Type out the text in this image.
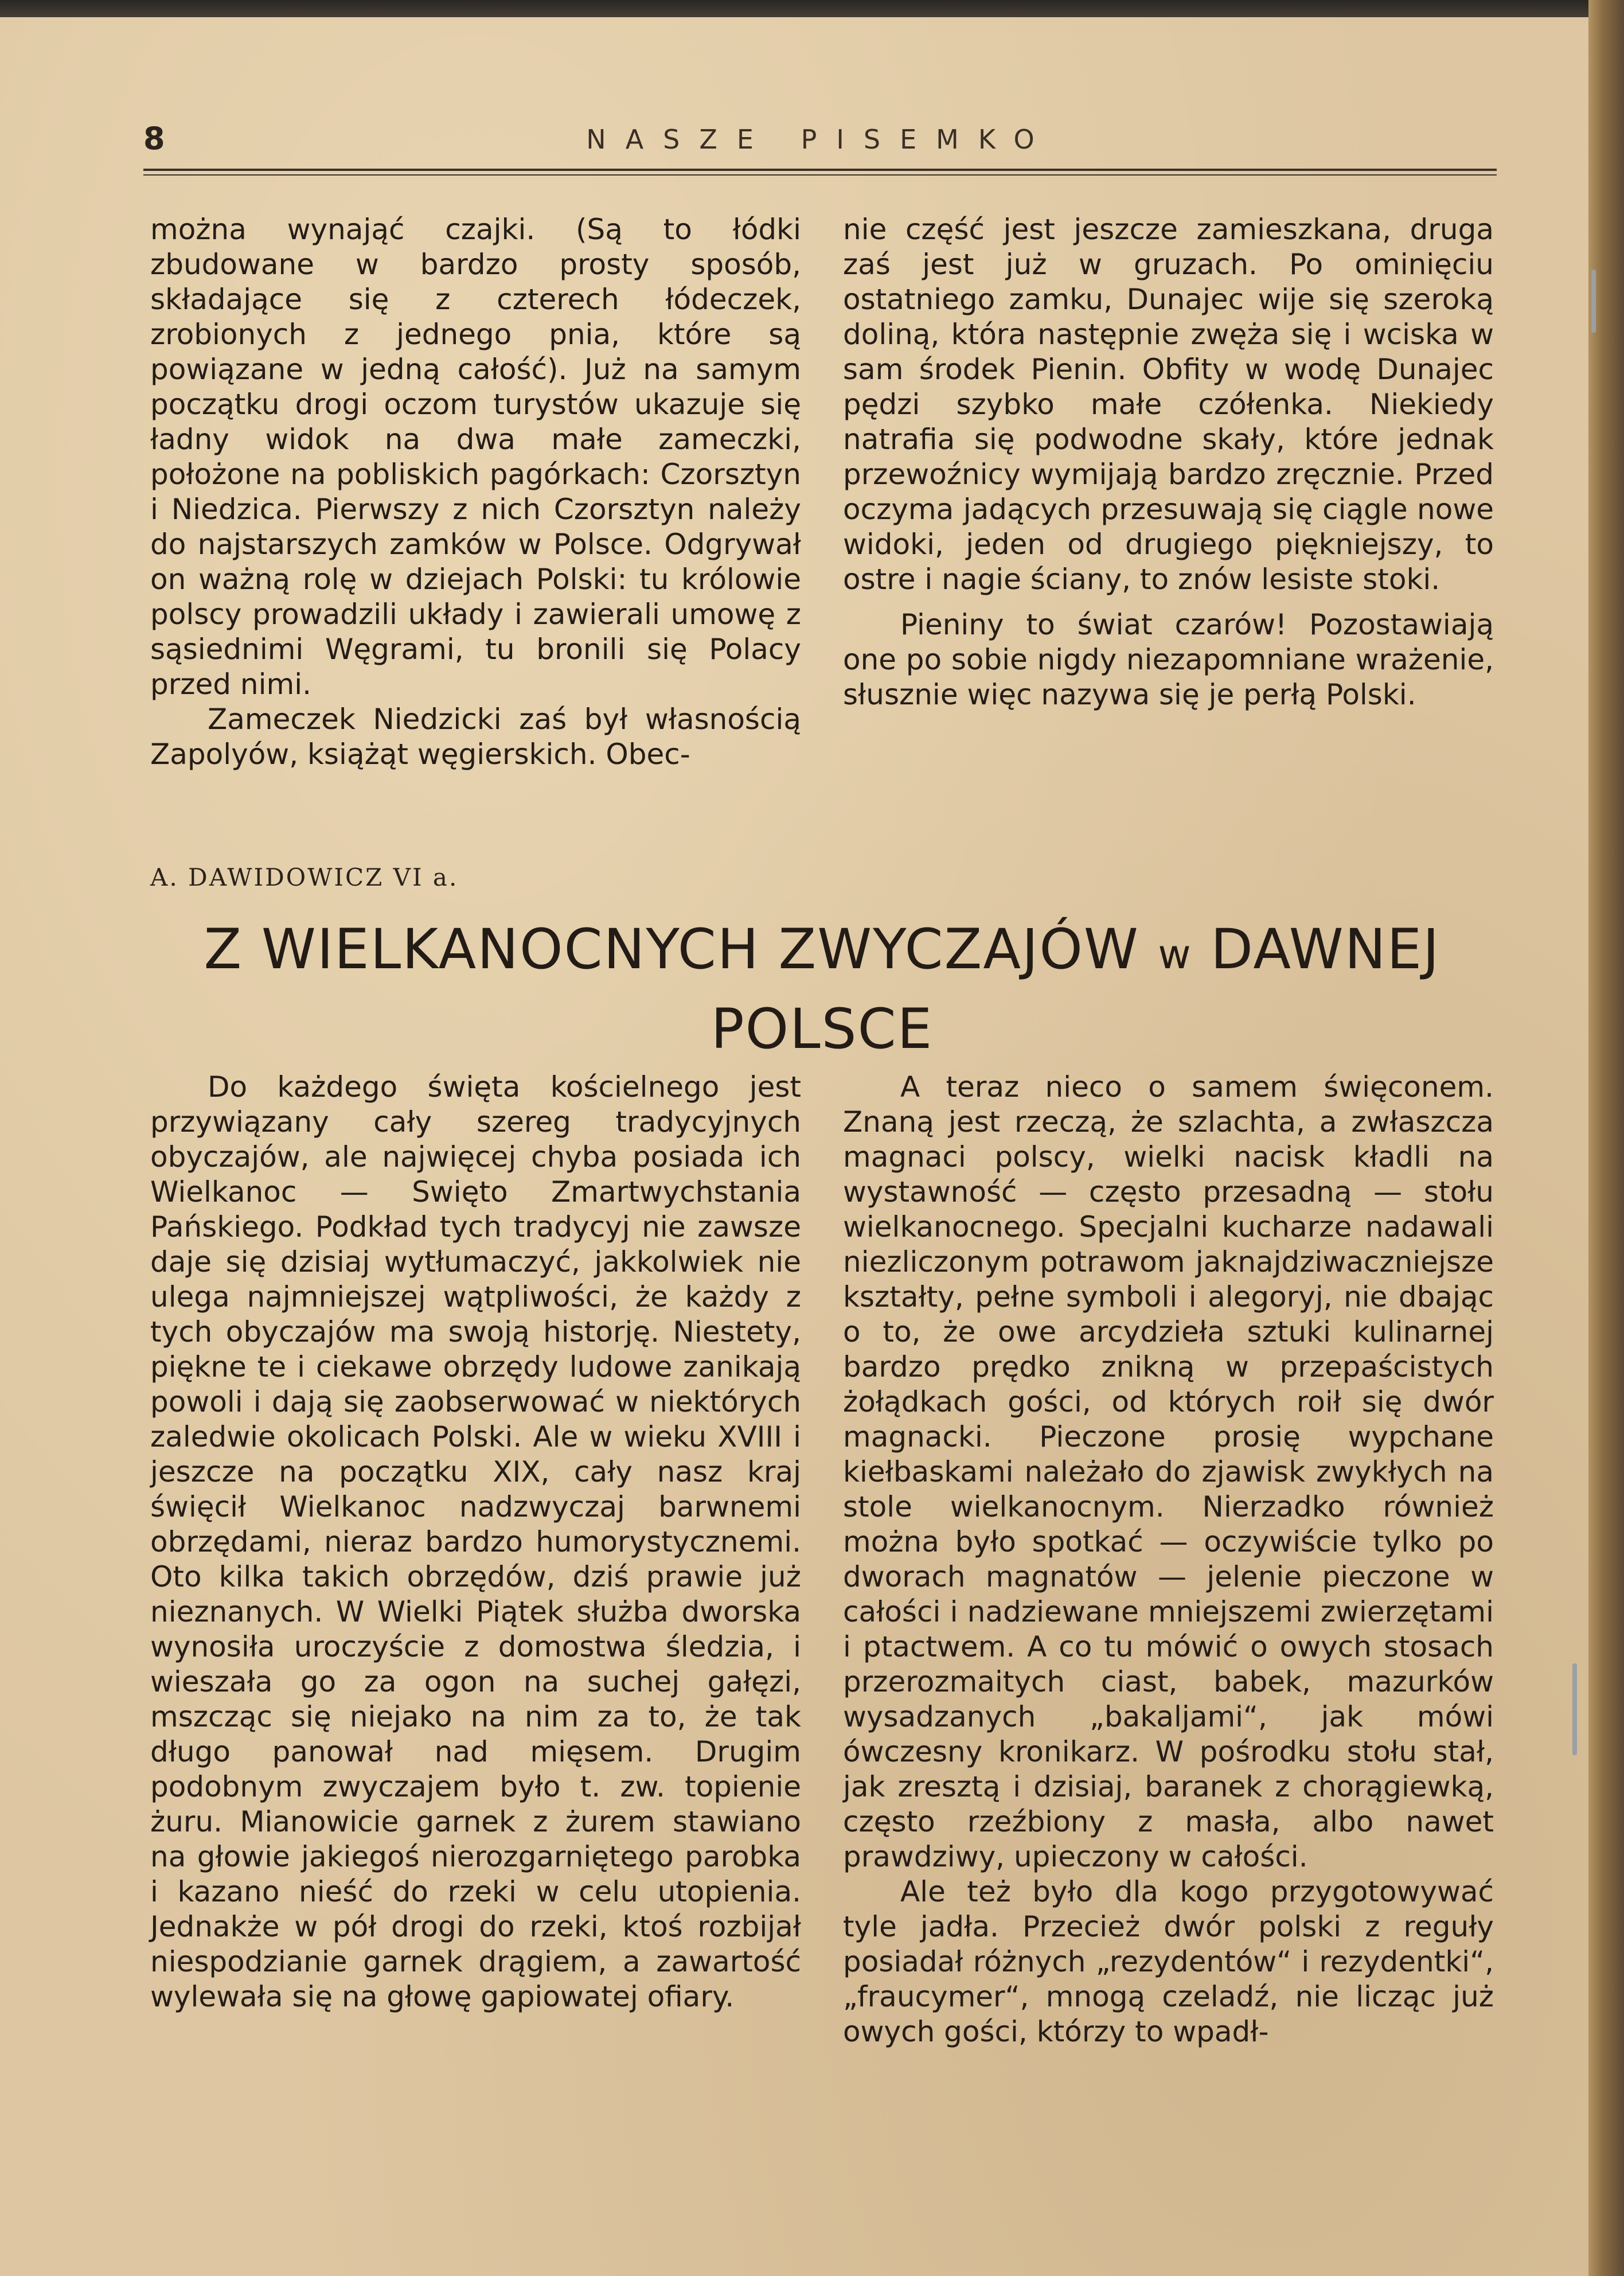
8	NASZE PISEMKO

można wynająć czajki. (Są to łódki zbudowane w bardzo prosty sposób, składające się z czterech łódeczek, zrobionych z jednego pnia, które są powiązane w jedną całość). Już na samym początku drogi oczom turystów ukazuje się ładny widok na dwa małe zameczki, położone na pobliskich pagórkach: Czorsztyn i Niedzica. Pierwszy z nich Czorsztyn należy do najstarszych zamków w Polsce. Odgrywał on ważną rolę w dziejach Polski: tu królowie polscy prowadzili układy i zawierali umowę z sąsiednimi Węgrami, tu bronili się Polacy przed nimi.

Zameczek Niedzicki zaś był własnością Zapolyów, książąt węgierskich. Obec-

nie część jest jeszcze zamieszkana, druga zaś jest już w gruzach. Po ominięciu ostatniego zamku, Dunajec wije się szeroką doliną, która następnie zwęża się i wciska w sam środek Pienin. Obfity w wodę Dunajec pędzi szybko małe czółenka. Niekiedy natrafia się podwodne skały, które jednak przewoźnicy wymijają bardzo zręcznie. Przed oczyma jadących przesuwają się ciągle nowe widoki, jeden od drugiego piękniejszy, to ostre i nagie ściany, to znów lesiste stoki.

Pieniny to świat czarów! Pozostawiają one po sobie nigdy niezapomniane wrażenie, słusznie więc nazywa się je perłą Polski.

A. DAWIDOWICZ VI a.
Z WIELKANOCNYCH ZWYCZAJÓW w DAWNEJ
POLSCE

Do każdego święta kościelnego jest przywiązany cały szereg tradycyjnych obyczajów, ale najwięcej chyba posiada ich Wielkanoc — Swięto Zmartwychstania Pańskiego. Podkład tych tradycyj nie zawsze daje się dzisiaj wytłumaczyć, jakkolwiek nie ulega najmniejszej wątpliwości, że każdy z tych obyczajów ma swoją historję. Niestety, piękne te i ciekawe obrzędy ludowe zanikają powoli i dają się zaobserwować w niektórych zaledwie okolicach Polski. Ale w wieku XVIII i jeszcze na początku XIX, cały nasz kraj święcił Wielkanoc nadzwyczaj barwnemi obrzędami, nieraz bardzo humorystycznemi. Oto kilka takich obrzędów, dziś prawie już nieznanych. W Wielki Piątek służba dworska wynosiła uroczyście z domostwa śledzia, i wieszała go za ogon na suchej gałęzi, mszcząc się niejako na nim za to, że tak długo panował nad mięsem. Drugim podobnym zwyczajem było t. zw. topienie żuru. Mianowicie garnek z żurem stawiano na głowie jakiegoś nierozgarniętego parobka i kazano nieść do rzeki w celu utopienia. Jednakże w pół drogi do rzeki, ktoś rozbijał niespodzianie garnek drągiem, a zawartość wylewała się na głowę gapiowatej ofiary.

A teraz nieco o samem święconem. Znaną jest rzeczą, że szlachta, a zwłaszcza magnaci polscy, wielki nacisk kładli na wystawność — często przesadną — stołu wielkanocnego. Specjalni kucharze nadawali niezliczonym potrawom jaknajdziwaczniejsze kształty, pełne symboli i alegoryj, nie dbając o to, że owe arcydzieła sztuki kulinarnej bardzo prędko znikną w przepaścistych żołądkach gości, od których roił się dwór magnacki. Pieczone prosię wypchane kiełbaskami należało do zjawisk zwykłych na stole wielkanocnym. Nierzadko również można było spotkać — oczywiście tylko po dworach magnatów — jelenie pieczone w całości i nadziewane mniejszemi zwierzętami i ptactwem. A co tu mówić o owych stosach przerozmaitych ciast, babek, mazurków wysadzanych „bakaljami“, jak mówi ówczesny kronikarz. W pośrodku stołu stał, jak zresztą i dzisiaj, baranek z chorągiewką, często rzeźbiony z masła, albo nawet prawdziwy, upieczony w całości.

Ale też było dla kogo przygotowywać tyle jadła. Przecież dwór polski z reguły posiadał różnych „rezydentów“ i rezydentki“, „fraucymer“, mnogą czeladź, nie licząc już owych gości, którzy to wpadł-
